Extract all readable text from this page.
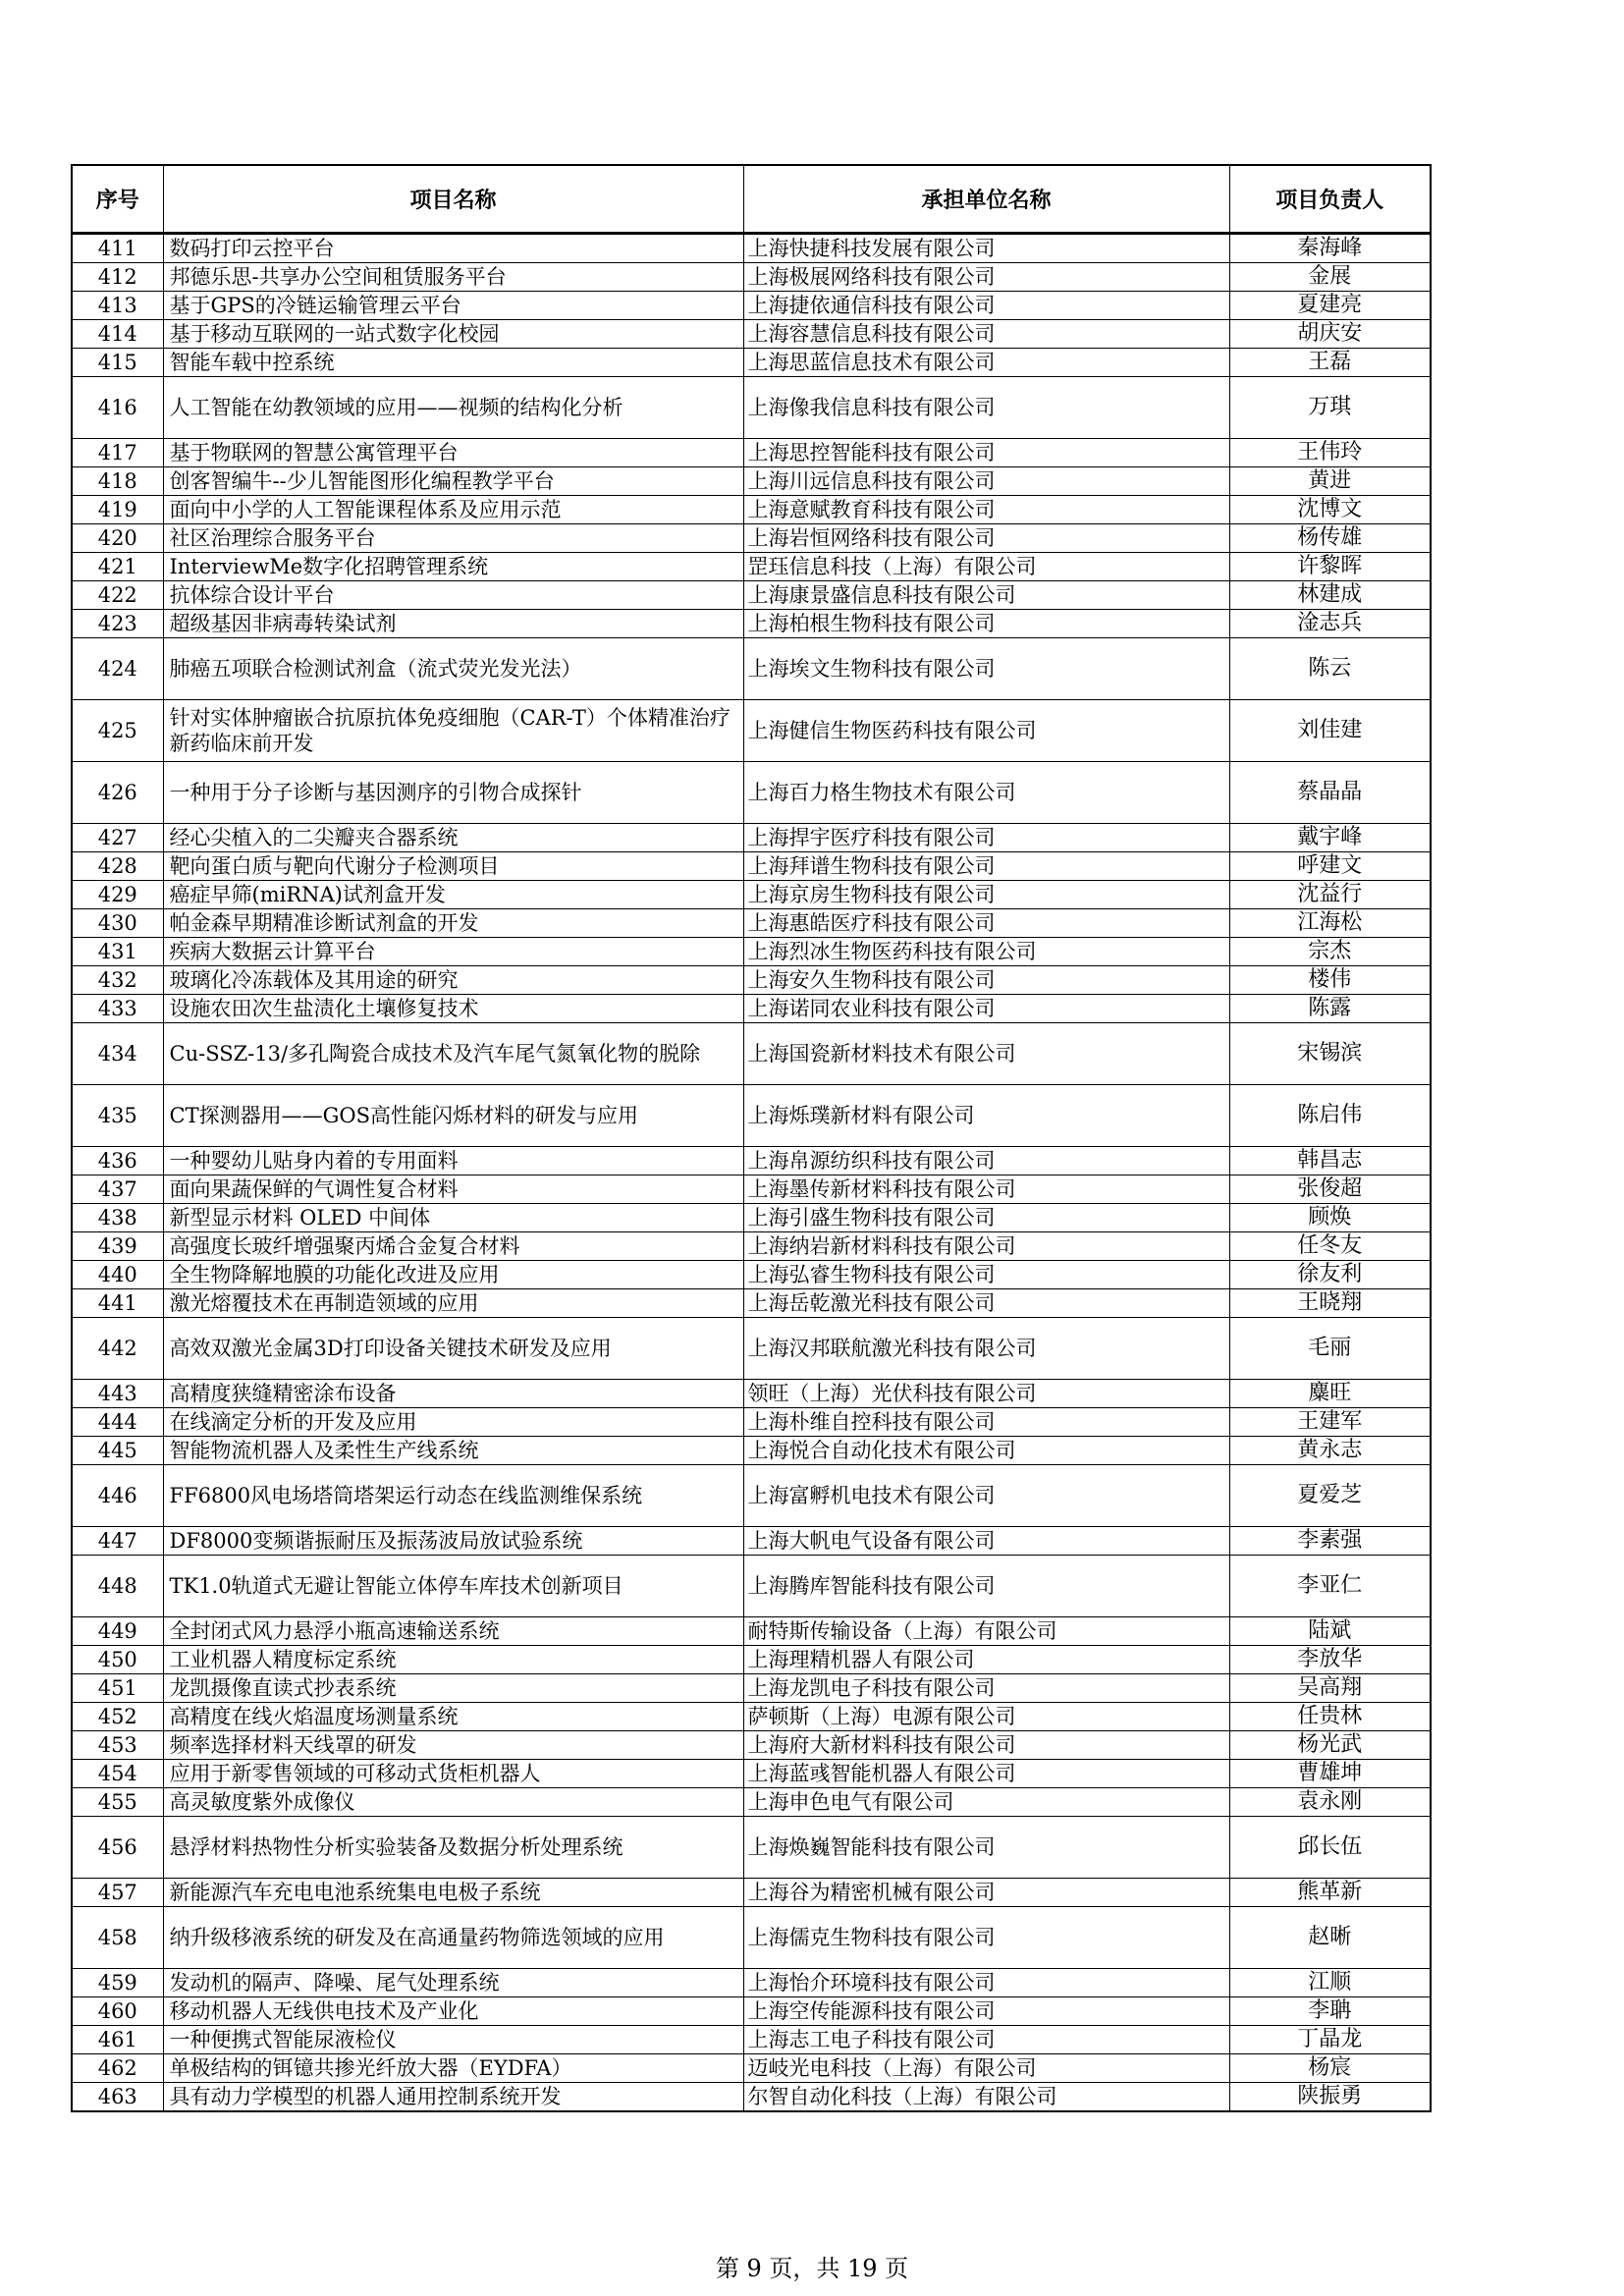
序号	项目名称	承担单位名称	项目负责人
411	数码打印云控平台	上海快捷科技发展有限公司	秦海峰
412	邦德乐思-共享办公空间租赁服务平台	上海极展网络科技有限公司	金展
413	基于GPS的冷链运输管理云平台	上海捷依通信科技有限公司	夏建亮
414	基于移动互联网的一站式数字化校园	上海容慧信息科技有限公司	胡庆安
415	智能车载中控系统	上海思蓝信息技术有限公司	王磊
416	人工智能在幼教领域的应用——视频的结构化分析	上海像我信息科技有限公司	万琪
417	基于物联网的智慧公寓管理平台	上海思控智能科技有限公司	王伟玲
418	创客智编牛--少儿智能图形化编程教学平台	上海川远信息科技有限公司	黄进
419	面向中小学的人工智能课程体系及应用示范	上海意赋教育科技有限公司	沈博文
420	社区治理综合服务平台	上海岩恒网络科技有限公司	杨传雄
421	InterviewMe数字化招聘管理系统	罡珏信息科技（上海）有限公司	许黎晖
422	抗体综合设计平台	上海康景盛信息科技有限公司	林建成
423	超级基因非病毒转染试剂	上海柏根生物科技有限公司	淦志兵
424	肺癌五项联合检测试剂盒（流式荧光发光法）	上海埃文生物科技有限公司	陈云
425	针对实体肿瘤嵌合抗原抗体免疫细胞（CAR-T）个体精准治疗新药临床前开发	上海健信生物医药科技有限公司	刘佳建
426	一种用于分子诊断与基因测序的引物合成探针	上海百力格生物技术有限公司	蔡晶晶
427	经心尖植入的二尖瓣夹合器系统	上海捍宇医疗科技有限公司	戴宇峰
428	靶向蛋白质与靶向代谢分子检测项目	上海拜谱生物科技有限公司	呼建文
429	癌症早筛(miRNA)试剂盒开发	上海京房生物科技有限公司	沈益行
430	帕金森早期精准诊断试剂盒的开发	上海惠皓医疗科技有限公司	江海松
431	疾病大数据云计算平台	上海烈冰生物医药科技有限公司	宗杰
432	玻璃化冷冻载体及其用途的研究	上海安久生物科技有限公司	楼伟
433	设施农田次生盐渍化土壤修复技术	上海诺同农业科技有限公司	陈露
434	Cu-SSZ-13/多孔陶瓷合成技术及汽车尾气氮氧化物的脱除	上海国瓷新材料技术有限公司	宋锡滨
435	CT探测器用——GOS高性能闪烁材料的研发与应用	上海烁璞新材料有限公司	陈启伟
436	一种婴幼儿贴身内着的专用面料	上海帛源纺织科技有限公司	韩昌志
437	面向果蔬保鲜的气调性复合材料	上海墨传新材料科技有限公司	张俊超
438	新型显示材料 OLED 中间体	上海引盛生物科技有限公司	顾焕
439	高强度长玻纤增强聚丙烯合金复合材料	上海纳岩新材料科技有限公司	任冬友
440	全生物降解地膜的功能化改进及应用	上海弘睿生物科技有限公司	徐友利
441	激光熔覆技术在再制造领域的应用	上海岳乾激光科技有限公司	王晓翔
442	高效双激光金属3D打印设备关键技术研发及应用	上海汉邦联航激光科技有限公司	毛丽
443	高精度狭缝精密涂布设备	领旺（上海）光伏科技有限公司	麋旺
444	在线滴定分析的开发及应用	上海朴维自控科技有限公司	王建军
445	智能物流机器人及柔性生产线系统	上海悦合自动化技术有限公司	黄永志
446	FF6800风电场塔筒塔架运行动态在线监测维保系统	上海富孵机电技术有限公司	夏爱芝
447	DF8000变频谐振耐压及振荡波局放试验系统	上海大帆电气设备有限公司	李素强
448	TK1.0轨道式无避让智能立体停车库技术创新项目	上海腾库智能科技有限公司	李亚仁
449	全封闭式风力悬浮小瓶高速输送系统	耐特斯传输设备（上海）有限公司	陆斌
450	工业机器人精度标定系统	上海理精机器人有限公司	李放华
451	龙凯摄像直读式抄表系统	上海龙凯电子科技有限公司	吴高翔
452	高精度在线火焰温度场测量系统	萨顿斯（上海）电源有限公司	任贵林
453	频率选择材料天线罩的研发	上海府大新材料科技有限公司	杨光武
454	应用于新零售领域的可移动式货柜机器人	上海蓝彧智能机器人有限公司	曹雄坤
455	高灵敏度紫外成像仪	上海申色电气有限公司	袁永刚
456	悬浮材料热物性分析实验装备及数据分析处理系统	上海焕巍智能科技有限公司	邱长伍
457	新能源汽车充电电池系统集电电极子系统	上海谷为精密机械有限公司	熊革新
458	纳升级移液系统的研发及在高通量药物筛选领域的应用	上海儒克生物科技有限公司	赵晰
459	发动机的隔声、降噪、尾气处理系统	上海怡介环境科技有限公司	江顺
460	移动机器人无线供电技术及产业化	上海空传能源科技有限公司	李聃
461	一种便携式智能尿液检仪	上海志工电子科技有限公司	丁晶龙
462	单极结构的铒镱共掺光纤放大器（EYDFA）	迈岐光电科技（上海）有限公司	杨宸
463	具有动力学模型的机器人通用控制系统开发	尔智自动化科技（上海）有限公司	陕振勇
第 9 页，共 19 页
